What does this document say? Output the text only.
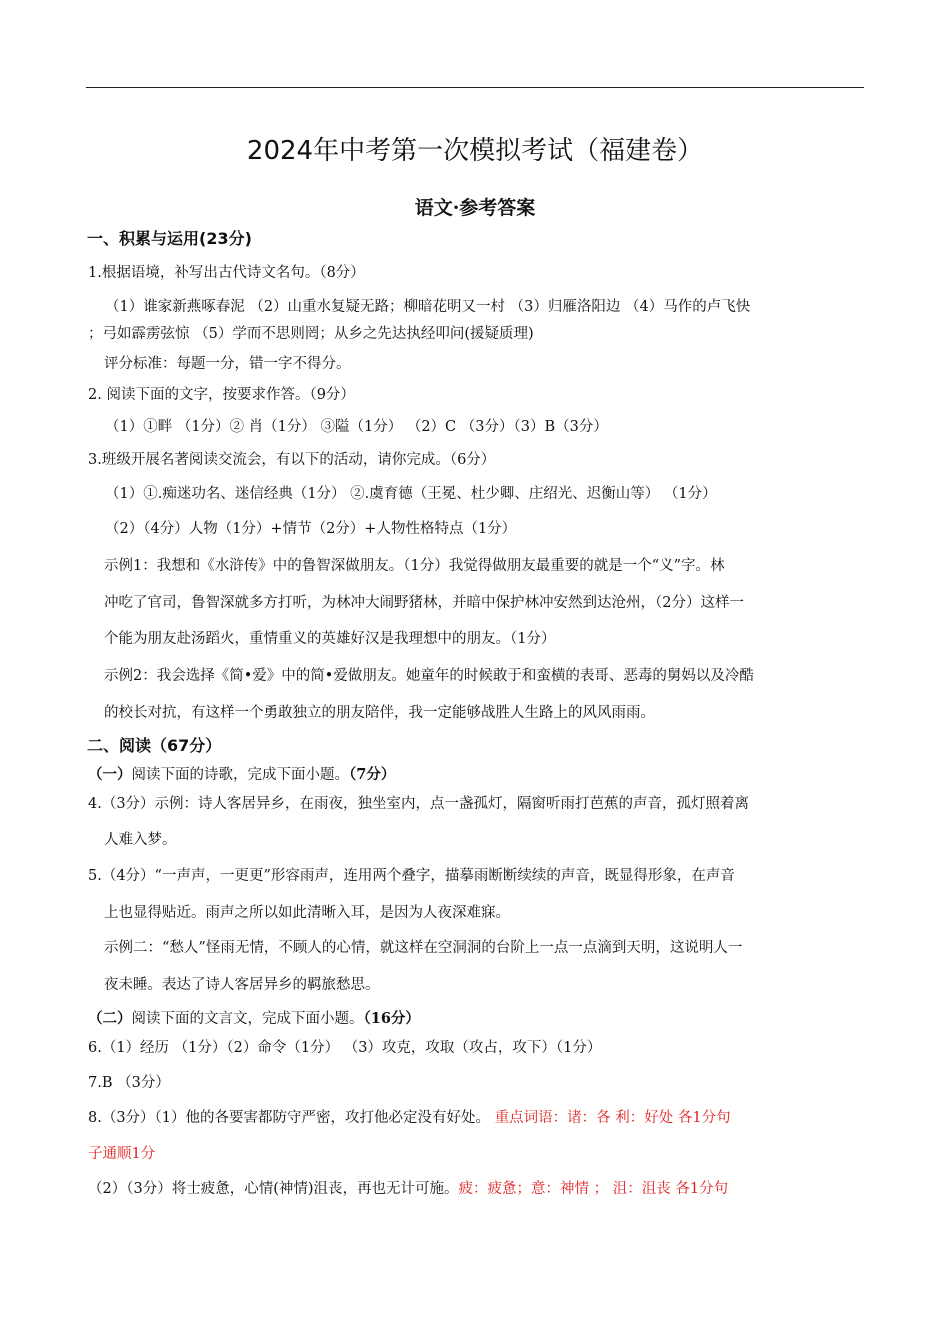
2024年中考第一次模拟考试（福建卷）
语文·参考答案
一、积累与运用(23分)
1.根据语境，补写出古代诗文名句。（8分）
（1）谁家新燕啄春泥 （2）山重水复疑无路；柳暗花明又一村 （3）归雁洛阳边 （4）马作的卢飞快
；弓如霹雳弦惊 （5）学而不思则罔；从乡之先达执经叩问(援疑质理)
评分标准：每题一分，错一字不得分。
2. 阅读下面的文字，按要求作答。（9分）
（1）①畔 （1分）② 肖（1分） ③隘（1分） （2）C （3分）（3）B（3分）
3.班级开展名著阅读交流会，有以下的活动，请你完成。（6分）
（1）①.痴迷功名、迷信经典（1分） ②.虞育德（王冕、杜少卿、庄绍光、迟衡山等） （1分）
（2）（4分）人物（1分）+情节（2分）+人物性格特点（1分）
示例1：我想和《水浒传》中的鲁智深做朋友。（1分）我觉得做朋友最重要的就是一个“义”字。林
冲吃了官司，鲁智深就多方打听，为林冲大闹野猪林，并暗中保护林冲安然到达沧州，（2分）这样一
个能为朋友赴汤蹈火，重情重义的英雄好汉是我理想中的朋友。（1分）
示例2：我会选择《简•爱》中的简•爱做朋友。她童年的时候敢于和蛮横的表哥、恶毒的舅妈以及冷酷
的校长对抗，有这样一个勇敢独立的朋友陪伴，我一定能够战胜人生路上的风风雨雨。
二、阅读（67分）
（一）阅读下面的诗歌，完成下面小题。（7分）
4.（3分）示例：诗人客居异乡，在雨夜，独坐室内，点一盏孤灯，隔窗听雨打芭蕉的声音，孤灯照着离
人难入梦。
5.（4分）“一声声，一更更”形容雨声，连用两个叠字，描摹雨断断续续的声音，既显得形象，在声音
上也显得贴近。雨声之所以如此清晰入耳，是因为人夜深难寐。
示例二：“愁人”怪雨无情，不顾人的心情，就这样在空洞洞的台阶上一点一点滴到天明，这说明人一
夜未睡。表达了诗人客居异乡的羁旅愁思。
（二）阅读下面的文言文，完成下面小题。（16分）
6.（1）经历 （1分）（2）命令（1分） （3）攻克，攻取（攻占，攻下）（1分）
7.B （3分）
8.（3分）（1）他的各要害都防守严密，攻打他必定没有好处。 重点词语：诸：各 利：好处 各1分句
子通顺1分
（2）（3分）将士疲惫，心情(神情)沮丧，再也无计可施。疲：疲惫；意：神情 ； 沮：沮丧 各1分句
